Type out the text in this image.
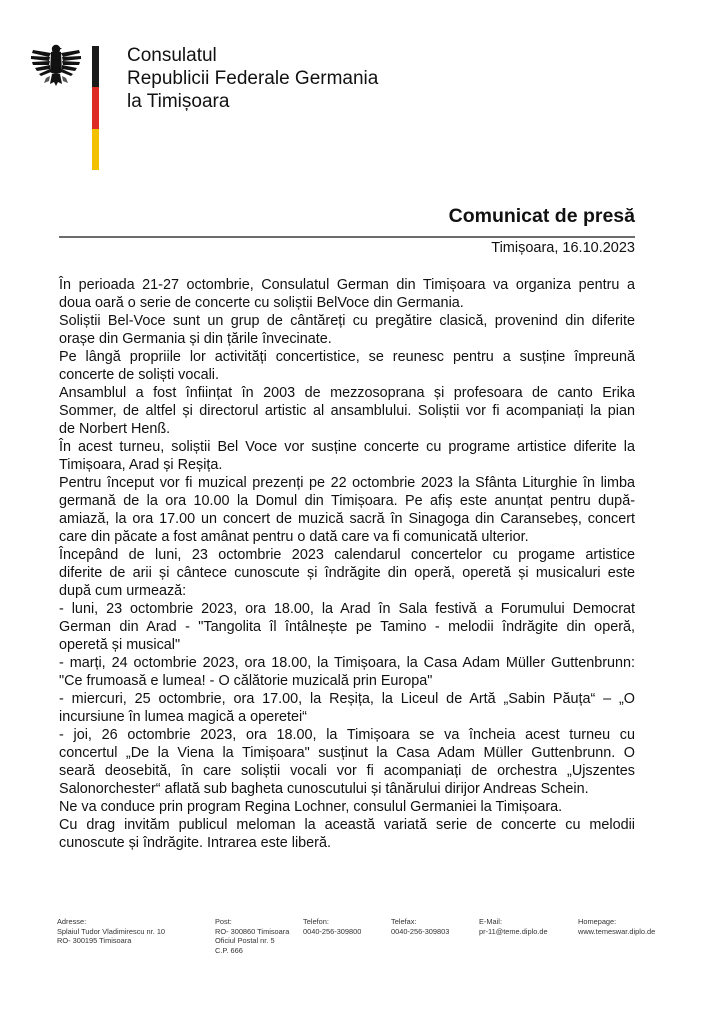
Consulatul
Republicii Federale Germania
la Timișoara
Comunicat de presă
Timișoara, 16.10.2023
În perioada 21-27 octombrie, Consulatul German din Timișoara va organiza pentru a
doua oară o serie de concerte cu soliștii BelVoce din Germania.
Soliștii Bel-Voce sunt un grup de cântăreți cu pregătire clasică, provenind din diferite
orașe din Germania și din țările învecinate.
Pe lângă propriile lor activități concertistice, se reunesc pentru a susține împreună
concerte de soliști vocali.
Ansamblul a fost înființat în 2003 de mezzosoprana și profesoara de canto Erika
Sommer, de altfel și directorul artistic al ansamblului. Soliștii vor fi acompaniați la pian
de Norbert Henß.
În acest turneu, soliștii Bel Voce vor susține concerte cu programe artistice diferite la
Timișoara, Arad și Reșița.
Pentru început vor fi muzical prezenți pe 22 octombrie 2023 la Sfânta Liturghie în limba
germană de la ora 10.00 la Domul din Timișoara. Pe afiș este anunțat pentru după-
amiază, la ora 17.00 un concert de muzică sacră în Sinagoga din Caransebeș, concert
care din păcate a fost amânat pentru o dată care va fi comunicată ulterior.
Începând de luni, 23 octombrie 2023 calendarul concertelor cu progame artistice
diferite de arii și cântece cunoscute și îndrăgite din operă, operetă și musicaluri este
după cum urmează:
- luni, 23 octombrie 2023, ora 18.00, la Arad în Sala festivă a Forumului Democrat
German din Arad - "Tangolita îl întâlnește pe Tamino - melodii îndrăgite din operă,
operetă și musical"
- marți, 24 octombrie 2023, ora 18.00, la Timișoara, la Casa Adam Müller Guttenbrunn:
"Ce frumoasă e lumea! - O călătorie muzicală prin Europa"
- miercuri, 25 octombrie, ora 17.00, la Reșița, la Liceul de Artă „Sabin Păuța“ – „O
incursiune în lumea magică a operetei“
- joi, 26 octombrie 2023, ora 18.00, la Timișoara se va încheia acest turneu cu
concertul „De la Viena la Timișoara" susținut la Casa Adam Müller Guttenbrunn. O
seară deosebită, în care soliștii vocali vor fi acompaniați de orchestra „Ujszentes
Salonorchester“ aflată sub bagheta cunoscutului și tânărului dirijor Andreas Schein.
Ne va conduce prin program Regina Lochner, consulul Germaniei la Timișoara.
Cu drag invităm publicul meloman la această variată serie de concerte cu melodii
cunoscute și îndrăgite. Intrarea este liberă.
Adresse:
Splaiul Tudor Vladimirescu nr. 10
RO- 300195 Timisoara
Post:
RO- 300860 Timisoara
Oficiul Postal nr. 5
C.P. 666
Telefon:
0040-256-309800
Telefax:
0040-256-309803
E-Mail:
pr-11@teme.diplo.de
Homepage:
www.temeswar.diplo.de
